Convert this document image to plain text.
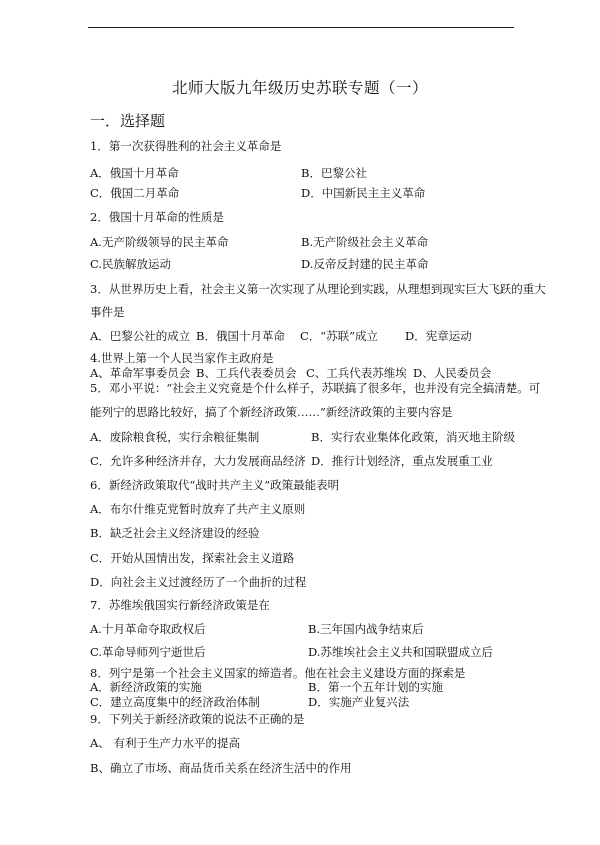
北师大版九年级历史苏联专题（一）
一．选择题
1．第一次获得胜利的社会主义革命是
A．俄国十月革命	B．巴黎公社
C．俄国二月革命	D．中国新民主主义革命
2．俄国十月革命的性质是
A.无产阶级领导的民主革命	B.无产阶级社会主义革命
C.民族解放运动	D.反帝反封建的民主革命
3．从世界历史上看，社会主义第一次实现了从理论到实践，从理想到现实巨大飞跃的重大
事件是
A．巴黎公社的成立 B．俄国十月革命 C．“苏联”成立 D．宪章运动
4.世界上第一个人民当家作主政府是
A、革命军事委员会 B、工兵代表委员会 C、工兵代表苏维埃 D、人民委员会
5．邓小平说：“社会主义究竟是个什么样子，苏联搞了很多年，也并没有完全搞清楚。可
能列宁的思路比较好，搞了个新经济政策……”新经济政策的主要内容是
A．废除粮食税，实行余粮征集制	B．实行农业集体化政策，消灭地主阶级
C．允许多种经济并存，大力发展商品经济 D．推行计划经济，重点发展重工业
6．新经济政策取代“战时共产主义”政策最能表明
A．布尔什维克党暂时放弃了共产主义原则
B．缺乏社会主义经济建设的经验
C．开始从国情出发，探索社会主义道路
D．向社会主义过渡经历了一个曲折的过程
7．苏维埃俄国实行新经济政策是在
A.十月革命夺取政权后	B.三年国内战争结束后
C.革命导师列宁逝世后	D.苏维埃社会主义共和国联盟成立后
8．列宁是第一个社会主义国家的缔造者。他在社会主义建设方面的探索是
A．新经济政策的实施	B．第一个五年计划的实施
C．建立高度集中的经济政治体制	D．实施产业复兴法
9．下列关于新经济政策的说法不正确的是
A、 有利于生产力水平的提高
B、确立了市场、商品货币关系在经济生活中的作用
